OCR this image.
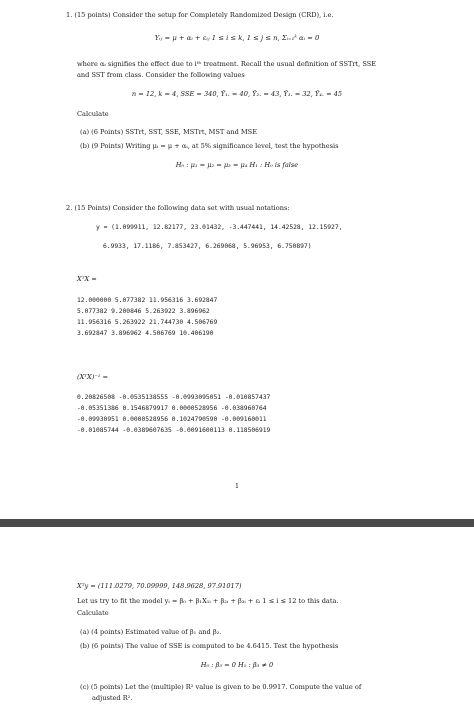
1. (15 points) Consider the setup for Completely Randomized Design (CRD), i.e.
Yᵢⱼ = μ + αᵢ + εᵢⱼ 1 ≤ i ≤ k, 1 ≤ j ≤ n, Σᵢ₌₁ᵏ αᵢ = 0
where αᵢ signifies the effect due to iᵗʰ treatment. Recall the usual definition of SSTrt, SSE
and SST from class. Consider the following values
n = 12, k = 4, SSE = 340, Ȳ₁. = 40, Ȳ₂. = 43, Ȳ₃. = 32, Ȳ₄. = 45
Calculate
(a) (6 Points) SSTrt, SST, SSE, MSTrt, MST and MSE
(b) (9 Points) Writing μᵢ = μ + αᵢ, at 5% significance level, test the hypothesis
H₀ : μ₁ = μ₂ = μ₃ = μ₄ H₁ : H₀ is false
2. (15 Points) Consider the following data set with usual notations:
y = (1.099911, 12.82177, 23.01432, -3.447441, 14.42528, 12.15927,
6.9933, 17.1186, 7.853427, 6.269068, 5.96953, 6.750897)
XᵀX =
12.000000 5.077382 11.956316 3.692847
5.077382 9.200846 5.263922 3.896962
11.956316 5.263922 21.744730 4.506769
3.692847 3.896962 4.506769 10.406190
(XᵀX)⁻¹ =
0.20826508 -0.0535138555 -0.0993095051 -0.010857437
-0.05351386 0.1546879917 0.0000528956 -0.038960764
-0.09930951 0.0000528956 0.1024790590 -0.009160011
-0.01085744 -0.0389607635 -0.0091600113 0.118506919
1
Xᵀy = (111.0279, 70.09999, 148.9628, 97.91017)
Let us try to fit the model yᵢ = β₀ + β₁X₁ᵢ + β₂ᵢ + β₃ᵢ + εᵢ 1 ≤ i ≤ 12 to this data.
Calculate
(a) (4 points) Estimated value of β₁ and β₂.
(b) (6 points) The value of SSE is computed to be 4.6415. Test the hypothesis
H₀ : β₃ = 0 H₁ : β₃ ≠ 0
(c) (5 points) Let the (multiple) R² value is given to be 0.9917. Compute the value of
adjusted R².
